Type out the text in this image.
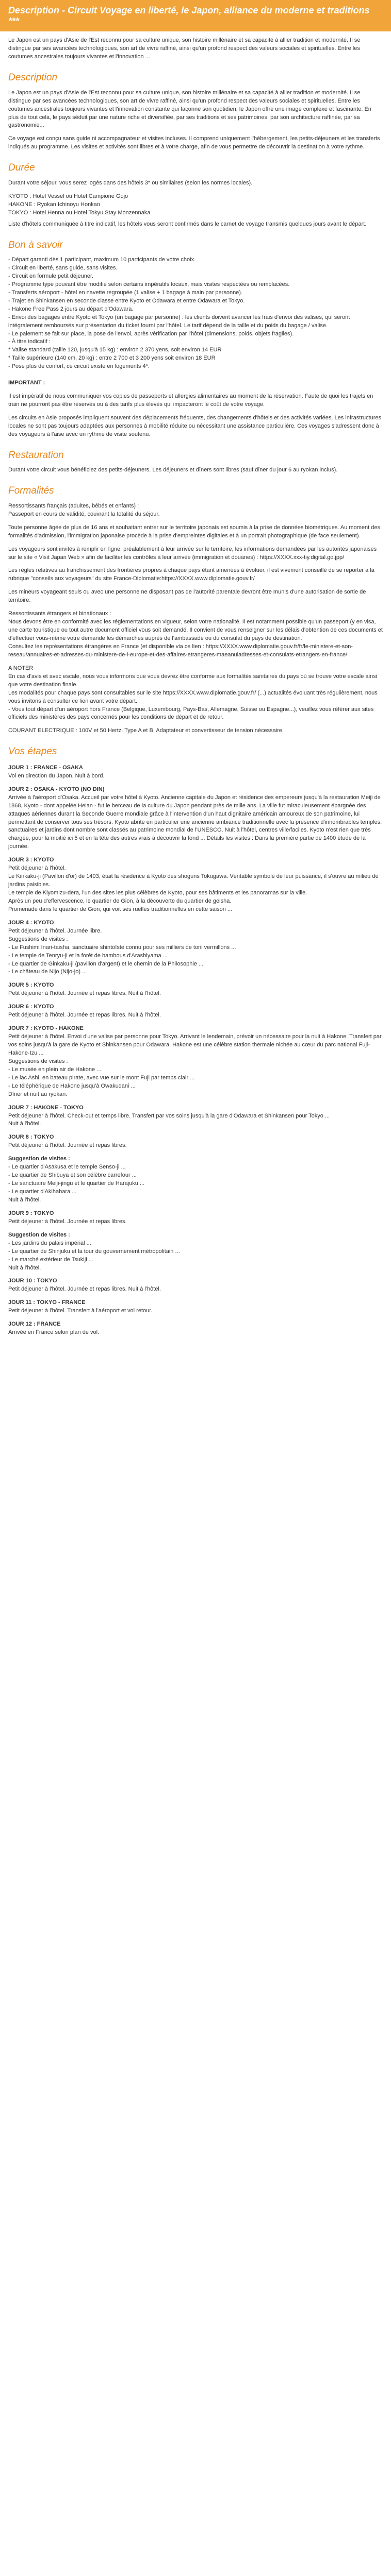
Description - Circuit Voyage en liberté, le Japon, alliance du moderne et traditions ***

Le Japon est un pays d'Asie de l'Est reconnu pour sa culture unique, son histoire millénaire et sa capacité à allier tradition et modernité. Il se distingue par ses avancées technologiques, son art de vivre raffiné, ainsi qu'un profond respect des valeurs sociales et spirituelles. Entre les coutumes ancestrales toujours vivantes et l'innovation ...

Description

Le Japon est un pays d'Asie de l'Est reconnu pour sa culture unique, son histoire millénaire et sa capacité à allier tradition et modernité. Il se distingue par ses avancées technologiques, son art de vivre raffiné, ainsi qu'un profond respect des valeurs sociales et spirituelles. Entre les coutumes ancestrales toujours vivantes et l'innovation constante qui façonne son quotidien, le Japon offre une image complexe et fascinante. En plus de tout cela, le pays séduit par une nature riche et diversifiée, par ses traditions et ses patrimoines, par son architecture raffinée, par sa gastronomie...

Ce voyage est conçu sans guide ni accompagnateur et visites incluses. Il comprend uniquement l'hébergement, les petits-déjeuners et les transferts indiqués au programme. Les visites et activités sont libres et à votre charge, afin de vous permettre de découvrir la destination à votre rythme.

Durée

Durant votre séjour, vous serez logés dans des hôtels 3* ou similaires (selon les normes locales).

KYOTO : Hotel Vessel ou Hotel Campione Gojo
HAKONE : Ryokan Ichinoyu Honkan
TOKYO : Hotel Henna ou Hotel Tokyu Stay Monzennaka
Liste d'hôtels communiquée à titre indicatif, les hôtels vous seront confirmés dans le carnet de voyage transmis quelques jours avant le départ.
Bon à savoir
- Départ garanti dès 1 participant, maximum 10 participants de votre choix.
- Circuit en liberté, sans guide, sans visites.
- Circuit en formule petit déjeuner.
- Programme type pouvant être modifié selon certains impératifs locaux, mais visites respectées ou remplacées.
- Transferts aéroport - hôtel en navette regroupée (1 valise + 1 bagage à main par personne).
- Trajet en Shinkansen en seconde classe entre Kyoto et Odawara et entre Odawara et Tokyo.
- Hakone Free Pass 2 jours au départ d'Odawara.
- Envoi des bagages entre Kyoto et Tokyo (un bagage par personne) : les clients doivent avancer les frais d'envoi des valises, qui seront intégralement remboursés sur présentation du ticket fourni par l'hôtel. Le tarif dépend de la taille et du poids du bagage / valise.
- Le paiement se fait sur place, la pose de l'envoi, après vérification par l'hôtel (dimensions, poids, objets fragiles).
- À titre indicatif :
* Valise standard (taille 120, jusqu'à 15 kg) : environ 2 370 yens, soit environ 14 EUR
* Taille supérieure (140 cm, 20 kg) : entre 2 700 et 3 200 yens soit environ 18 EUR
- Pose plus de confort, ce circuit existe en logements 4*.

IMPORTANT :

Il est impératif de nous communiquer vos copies de passeports et allergies alimentaires au moment de la réservation. Faute de quoi les trajets en train ne pourront pas être réservés ou à des tarifs plus élevés qui impacteront le coût de votre voyage.

Les circuits en Asie proposés impliquent souvent des déplacements fréquents, des changements d'hôtels et des activités variées. Les infrastructures locales ne sont pas toujours adaptées aux personnes à mobilité réduite ou nécessitant une assistance particulière. Ces voyages s'adressent donc à des voyageurs à l'aise avec un rythme de visite soutenu.

Restauration

Durant votre circuit vous bénéficiez des petits-déjeuners. Les déjeuners et dîners sont libres (sauf dîner du jour 6 au ryokan inclus).

Formalités

Ressortissants français (adultes, bébés et enfants) :
Passeport en cours de validité, couvrant la totalité du séjour.

Toute personne âgée de plus de 16 ans et souhaitant entrer sur le territoire japonais est soumis à la prise de données biométriques. Au moment des formalités d'admission, l'immigration japonaise procède à la prise d'empreintes digitales et à un portrait photographique (de face seulement).

Les voyageurs sont invités à remplir en ligne, préalablement à leur arrivée sur le territoire, les informations demandées par les autorités japonaises sur le site « Visit Japan Web » afin de faciliter les contrôles à leur arrivée (immigration et douanes) : https://XXXX.xxx-tiy.digital.go.jpp/

Les règles relatives au franchissement des frontières propres à chaque pays étant amenées à évoluer, il est vivement conseillé de se reporter à la rubrique "conseils aux voyageurs" du site France-Diplomatie:https://XXXX.www.diplomatie.gouv.fr/

Les mineurs voyageant seuls ou avec une personne ne disposant pas de l'autorité parentale devront être munis d'une autorisation de sortie de territoire.

Ressortissants étrangers et binationaux :
Nous devons être en conformité avec les réglementations en vigueur, selon votre nationalité. Il est notamment possible qu'un passeport (y en visa, une carte touristique ou tout autre document officiel vous soit demandé. Il convient de vous renseigner sur les délais d'obtention de ces documents et d'effectuer vous-même votre demande les démarches auprès de l'ambassade ou du consulat du pays de destination.
Consultez les représentations étrangères en France (et disponible via ce lien : https://XXXX.www.diplomatie.gouv.fr/fr/le-ministere-et-son-reseau/annuaires-et-adresses-du-ministere-de-l-europe-et-des-affaires-etrangeres-maeanuladresses-et-consulats-etrangers-en-france/

A NOTER
En cas d'avis et avec escale, nous vous informons que vous devrez être conforme aux formalités sanitaires du pays où se trouve votre escale ainsi que votre destination finale.
Les modalités pour chaque pays sont consultables sur le site https://XXXX.www.diplomatie.gouv.fr/ (...) actualités évoluant très régulièrement, nous vous invitons à consulter ce lien avant votre départ.
- Vous tout départ d'un aéroport hors France (Belgique, Luxembourg, Pays-Bas, Allemagne, Suisse ou Espagne...), veuillez vous référer aux sites officiels des ministères des pays concernés pour les conditions de départ et de retour.

COURANT ELECTRIQUE : 100V et 50 Hertz. Type A et B. Adaptateur et convertisseur de tension nécessaire.

Vos étapes
JOUR 1 : FRANCE - OSAKA
Vol en direction du Japon. Nuit à bord.
JOUR 2 : OSAKA - KYOTO (NO DIN)
Arrivée à l'aéroport d'Osaka. Accueil par votre hôtel à Kyoto. Ancienne capitale du Japon et résidence des empereurs jusqu'à la restauration Meiji de 1868, Kyoto - dont appelée Heian - fut le berceau de la culture du Japon pendant près de mille ans. La ville fut miraculeusement épargnée des attaques aériennes durant la Seconde Guerre mondiale grâce à l'intervention d'un haut dignitaire américain amoureux de son patrimoine, lui permettant de conserver tous ses trésors. Kyoto abrite en particulier une ancienne ambiance traditionnelle avec la présence d'innombrables temples, sanctuaires et jardins dont nombre sont classés au patrimoine mondial de l'UNESCO. Nuit à l'hôtel, centres ville/faciles. Kyoto n'est rien que très chargée, pour la moitié ici 5 et en la tête des autres vrais à découvrir la fond ... Détails les visites : Dans la première partie de 1400 étude de la journée.
JOUR 3 : KYOTO
Petit déjeuner à l'hôtel.
Le Kinkaku-ji (Pavillon d'or) de 1403, était la résidence à Kyoto des shoguns Tokugawa. Véritable symbole de leur puissance, il s'ouvre au milieu de jardins paisibles.
Le temple de Kiyomizu-dera, l'un des sites les plus célèbres de Kyoto, pour ses bâtiments et les panoramas sur la ville.
Après un peu d'effervescence, le quartier de Gion, à la découverte du quartier de geisha.
Promenade dans le quartier de Gion, qui voit ses ruelles traditionnelles en cette saison ...
JOUR 4 : KYOTO
Petit déjeuner à l'hôtel. Journée libre.
Suggestions de visites :
- Le Fushimi Inari-taisha, sanctuaire shintoïste connu pour ses milliers de torii vermillons ...
- Le temple de Tenryu-ji et la forêt de bambous d'Arashiyama ...
- Le quartier de Ginkaku-ji (pavillon d'argent) et le chemin de la Philosophie ...
- Le château de Nijo (Nijo-jo) ...
JOUR 5 : KYOTO
Petit déjeuner à l'hôtel. Journée et repas libres. Nuit à l'hôtel.
JOUR 6 : KYOTO
Petit déjeuner à l'hôtel. Journée et repas libres. Nuit à l'hôtel.
JOUR 7 : KYOTO - HAKONE
Petit déjeuner à l'hôtel. Envoi d'une valise par personne pour Tokyo. Arrivant le lendemain, prévoir un nécessaire pour la nuit à Hakone. Transfert par vos soins jusqu'à la gare de Kyoto et Shinkansen pour Odawara. Hakone est une célèbre station thermale nichée au cœur du parc national Fuji-Hakone-Izu ...
Suggestions de visites :
- Le musée en plein air de Hakone ...
- Le lac Ashi, en bateau pirate, avec vue sur le mont Fuji par temps clair ...
- Le téléphérique de Hakone jusqu'à Owakudani ...
Dîner et nuit au ryokan.
JOUR 7 : HAKONE - TOKYO
Petit déjeuner à l'hôtel. Check-out et temps libre. Transfert par vos soins jusqu'à la gare d'Odawara et Shinkansen pour Tokyo ...
Nuit à l'hôtel.
JOUR 8 : TOKYO
Petit déjeuner à l'hôtel. Journée et repas libres.
Suggestion de visites :
- Le quartier d'Asakusa et le temple Senso-ji ...
- Le quartier de Shibuya et son célèbre carrefour ...
- Le sanctuaire Meiji-jingu et le quartier de Harajuku ...
- Le quartier d'Akihabara ...
Nuit à l'hôtel.
JOUR 9 : TOKYO
Petit déjeuner à l'hôtel. Journée et repas libres.
Suggestion de visites :
- Les jardins du palais impérial ...
- Le quartier de Shinjuku et la tour du gouvernement métropolitain ...
- Le marché extérieur de Tsukiji ...
Nuit à l'hôtel.
JOUR 10 : TOKYO
Petit déjeuner à l'hôtel. Journée et repas libres. Nuit à l'hôtel.
JOUR 11 : TOKYO - FRANCE
Petit déjeuner à l'hôtel. Transfert à l'aéroport et vol retour.
JOUR 12 : FRANCE
Arrivée en France selon plan de vol.
